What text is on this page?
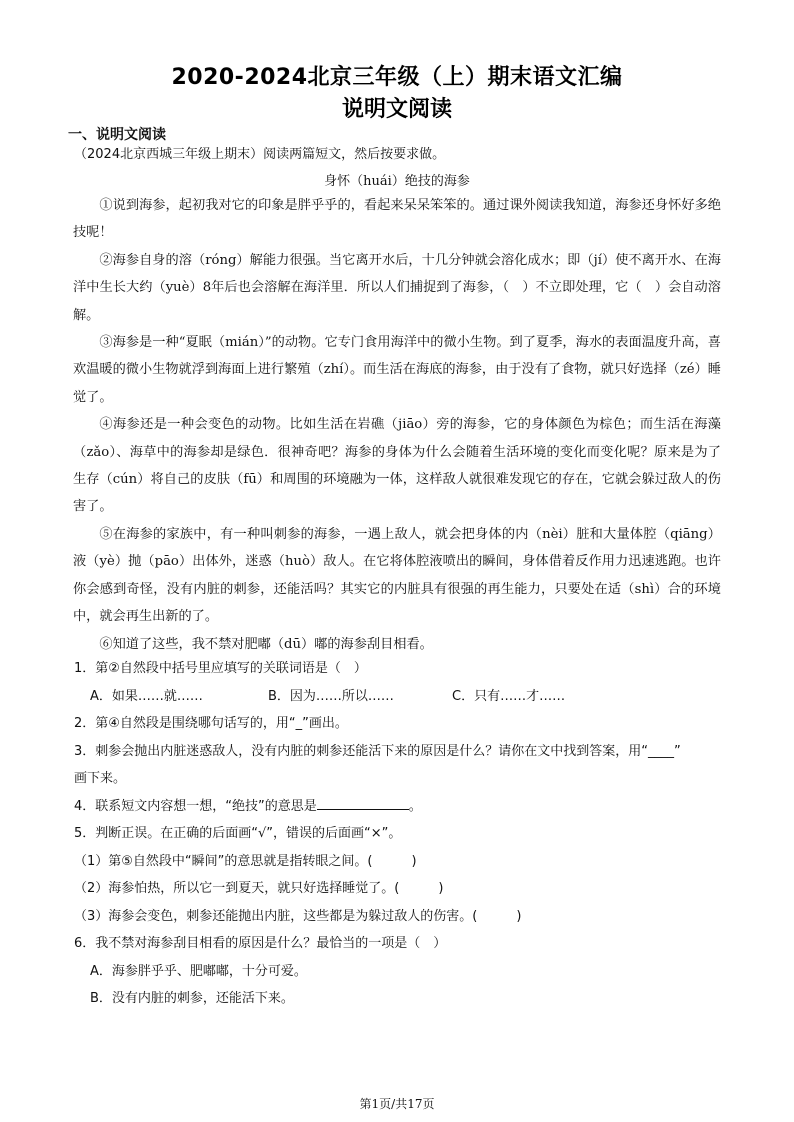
2020-2024北京三年级（上）期末语文汇编
说明文阅读
一、说明文阅读
（2024北京西城三年级上期末）阅读两篇短文，然后按要求做。
身怀（huái）绝技的海参

①说到海参，起初我对它的印象是胖乎乎的，看起来呆呆笨笨的。通过课外阅读我知道，海参还身怀好多绝技呢！

②海参自身的溶（róng）解能力很强。当它离开水后，十几分钟就会溶化成水；即（jí）使不离开水、在海洋中生长大约（yuè）8年后也会溶解在海洋里．所以人们捕捉到了海参，（　）不立即处理，它（　）会自动溶解。

③海参是一种“夏眠（mián）”的动物。它专门食用海洋中的微小生物。到了夏季，海水的表面温度升高，喜欢温暖的微小生物就浮到海面上进行繁殖（zhí）。而生活在海底的海参，由于没有了食物，就只好选择（zé）睡觉了。

④海参还是一种会变色的动物。比如生活在岩礁（jiāo）旁的海参，它的身体颜色为棕色；而生活在海藻（zǎo）、海草中的海参却是绿色．很神奇吧？海参的身体为什么会随着生活环境的变化而变化呢？原来是为了生存（cún）将自己的皮肤（fū）和周围的环境融为一体，这样敌人就很难发现它的存在，它就会躲过敌人的伤害了。

⑤在海参的家族中，有一种叫刺参的海参，一遇上敌人，就会把身体的内（nèi）脏和大量体腔（qiāng）液（yè）抛（pāo）出体外，迷惑（huò）敌人。在它将体腔液喷出的瞬间，身体借着反作用力迅速逃跑。也许你会感到奇怪，没有内脏的刺参，还能活吗？其实它的内脏具有很强的再生能力，只要处在适（shì）合的环境中，就会再生出新的了。

⑥知道了这些，我不禁对肥嘟（dū）嘟的海参刮目相看。

1．第②自然段中括号里应填写的关联词语是（　）
A．如果……就……	B．因为……所以……	C．只有……才……
2．第④自然段是围绕哪句话写的，用“_”画出。
3．刺参会抛出内脏迷惑敌人，没有内脏的刺参还能活下来的原因是什么？请你在文中找到答案，用“____”
画下来。
4．联系短文内容想一想，“绝技”的意思是	。
5．判断正误。在正确的后面画“√”，错误的后面画“×”。
（1）第⑤自然段中“瞬间”的意思就是指转眼之间。(　　　)
（2）海参怕热，所以它一到夏天，就只好选择睡觉了。(　　　)
（3）海参会变色，刺参还能抛出内脏，这些都是为躲过敌人的伤害。(　　　)
6．我不禁对海参刮目相看的原因是什么？最恰当的一项是（　）
A．海参胖乎乎、肥嘟嘟，十分可爱。
B．没有内脏的刺参，还能活下来。
第1页/共17页
